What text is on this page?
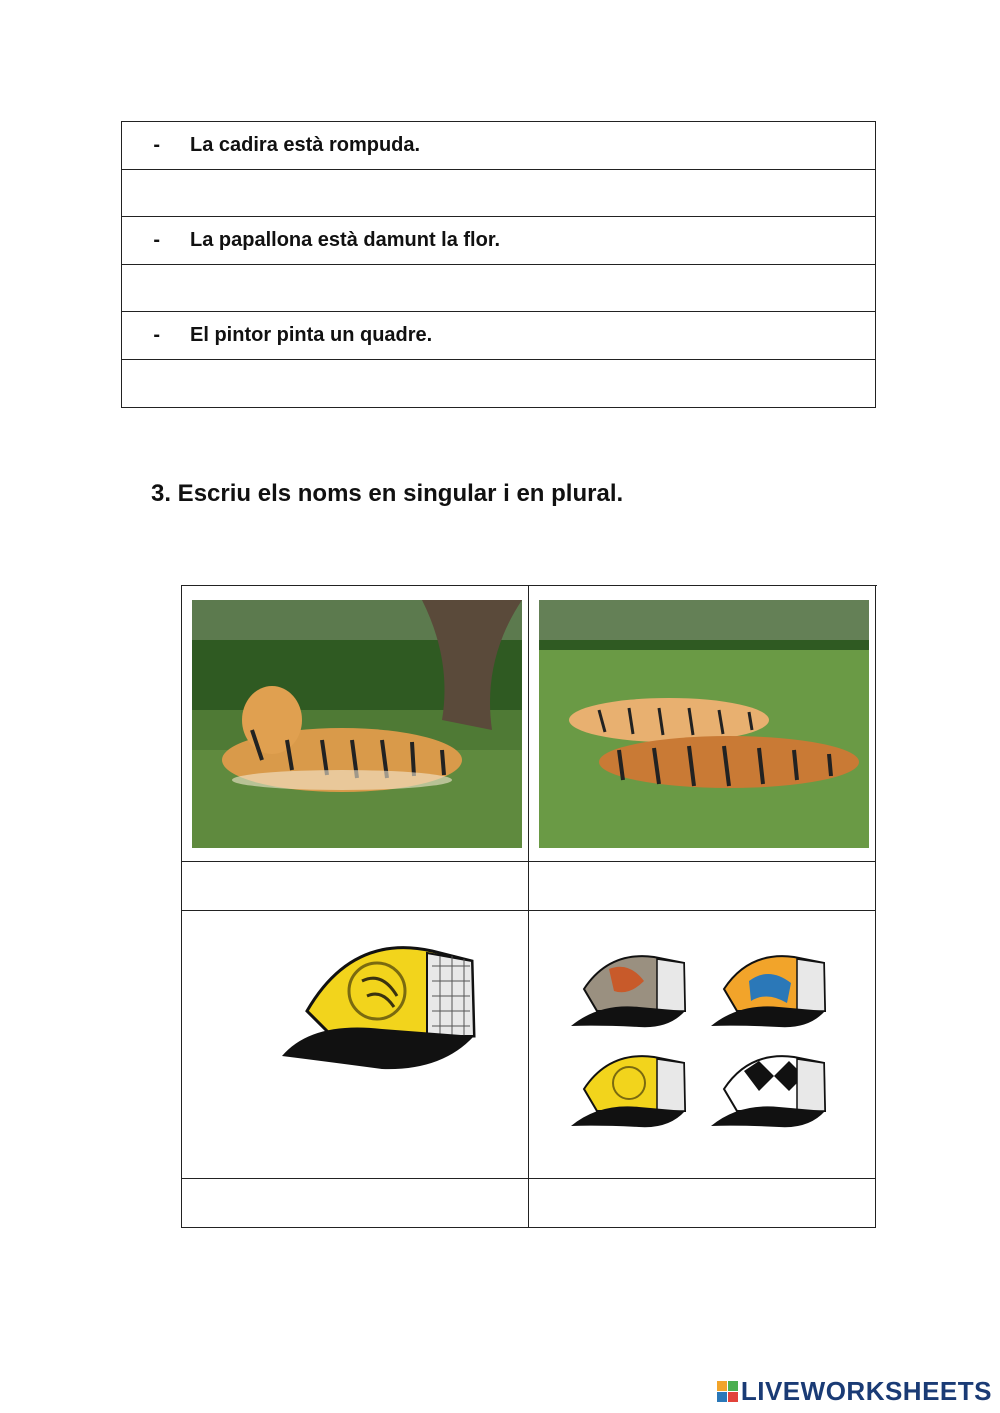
-	La cadira està rompuda.
-	La papallona està damunt la flor.
-	El pintor pinta un quadre.
3. Escriu els noms en singular i en plural.
LIVEWORKSHEETS
